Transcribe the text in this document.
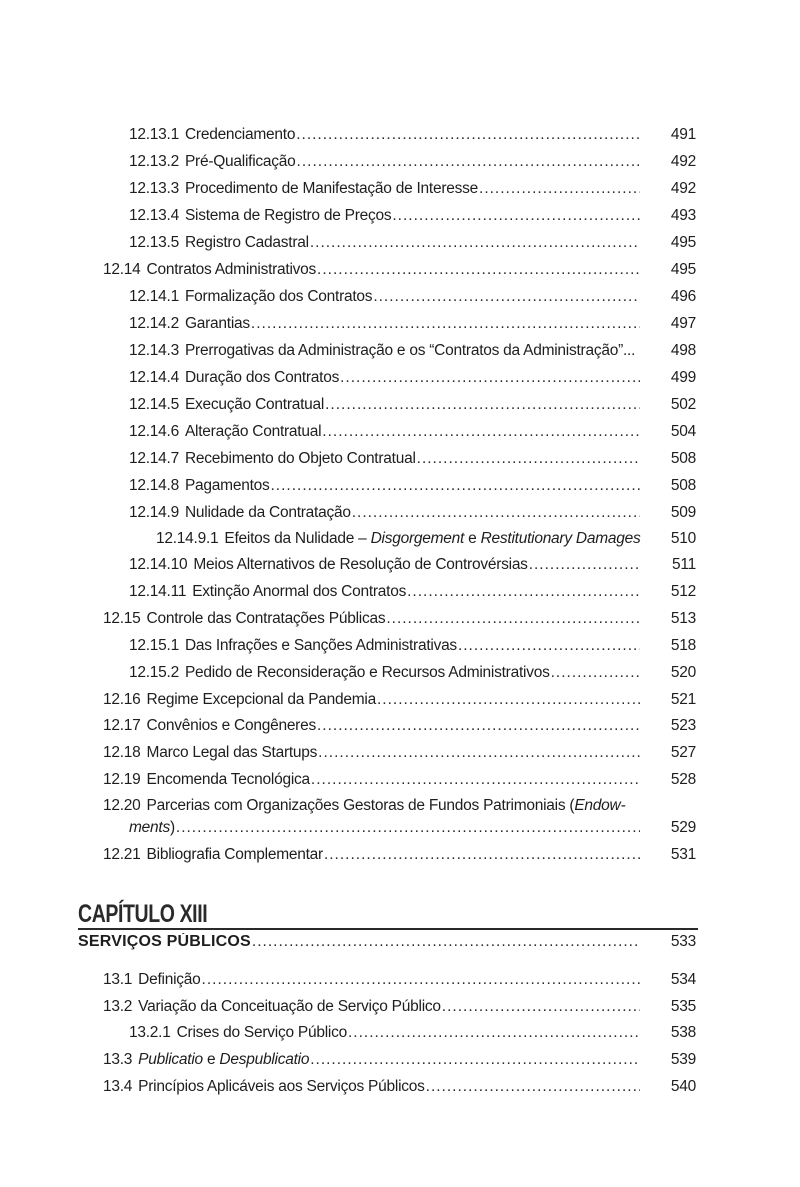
12.13.1 Credenciamento .....	491
12.13.2 Pré-Qualificação .....	492
12.13.3 Procedimento de Manifestação de Interesse .....	492
12.13.4 Sistema de Registro de Preços .....	493
12.13.5 Registro Cadastral .....	495
12.14 Contratos Administrativos .....	495
12.14.1 Formalização dos Contratos .....	496
12.14.2 Garantias .....	497
12.14.3 Prerrogativas da Administração e os “Contratos da Administração”...	498
12.14.4 Duração dos Contratos .....	499
12.14.5 Execução Contratual .....	502
12.14.6 Alteração Contratual .....	504
12.14.7 Recebimento do Objeto Contratual .....	508
12.14.8 Pagamentos .....	508
12.14.9 Nulidade da Contratação .....	509
12.14.9.1 Efeitos da Nulidade – Disgorgement e Restitutionary Damages	510
12.14.10 Meios Alternativos de Resolução de Controvérsias .....	511
12.14.11 Extinção Anormal dos Contratos .....	512
12.15 Controle das Contratações Públicas .....	513
12.15.1 Das Infrações e Sanções Administrativas .....	518
12.15.2 Pedido de Reconsideração e Recursos Administrativos .....	520
12.16 Regime Excepcional da Pandemia .....	521
12.17 Convênios e Congêneres .....	523
12.18 Marco Legal das Startups .....	527
12.19 Encomenda Tecnológica .....	528
12.20 Parcerias com Organizações Gestoras de Fundos Patrimoniais (Endow-
ments) .....	529
12.21 Bibliografia Complementar .....	531
CAPÍTULO XIII
SERVIÇOS PÚBLICOS .....	533
13.1 Definição .....	534
13.2 Variação da Conceituação de Serviço Público .....	535
13.2.1 Crises do Serviço Público .....	538
13.3 Publicatio e Despublicatio .....	539
13.4 Princípios Aplicáveis aos Serviços Públicos .....	540
